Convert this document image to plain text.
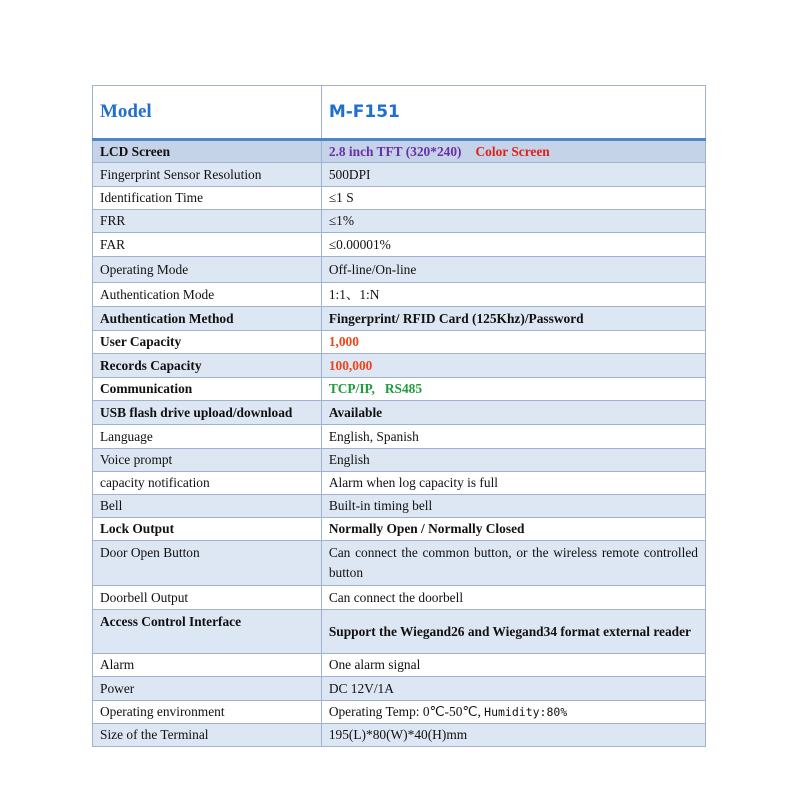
Model	M-F151
LCD Screen	2.8 inch TFT (320*240) Color Screen
Fingerprint Sensor Resolution	500DPI
Identification Time	≤1 S
FRR	≤1%
FAR	≤0.00001%
Operating Mode	Off-line/On-line
Authentication Mode	1:1、1:N
Authentication Method	Fingerprint/ RFID Card (125Khz)/Password
User Capacity	1,000
Records Capacity	100,000
Communication	TCP/IP,   RS485
USB flash drive upload/download	Available
Language	English, Spanish
Voice prompt	English
capacity notification	Alarm when log capacity is full
Bell	Built-in timing bell
Lock Output	Normally Open / Normally Closed
Door Open Button	Can connect the common button, or the wireless remote controlled button
Doorbell Output	Can connect the doorbell
Access Control Interface	Support the Wiegand26 and Wiegand34 format external reader
Alarm	One alarm signal
Power	DC 12V/1A
Operating environment	Operating Temp: 0℃-50℃, Humidity:80%
Size of the Terminal	195(L)*80(W)*40(H)mm
